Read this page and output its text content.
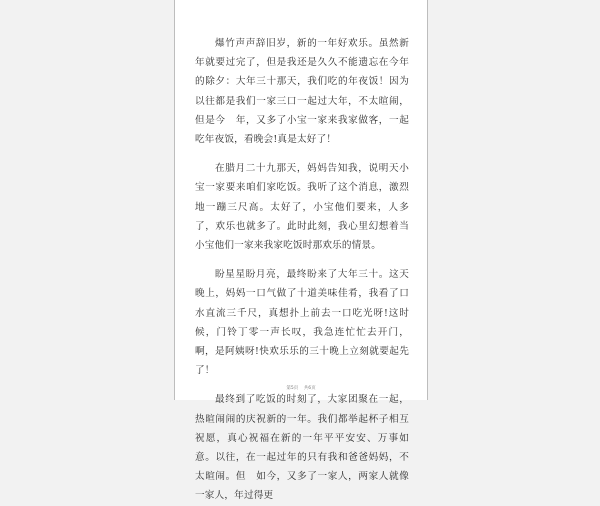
爆竹声声辞旧岁，新的一年好欢乐。虽然新年就要过完了，但是我还是久久不能遗忘在今年的除夕：大年三十那天，我们吃的年夜饭！因为以往都是我们一家三口一起过大年，不太暄闹，但是今　年，又多了小宝一家来我家做客，一起吃年夜饭，看晚会!真是太好了！

在腊月二十九那天，妈妈告知我，说明天小宝一家要来咱们家吃饭。我听了这个消息，激烈地一蹦三尺高。太好了，小宝他们要来，人多了，欢乐也就多了。此时此刻，我心里幻想着当小宝他们一家来我家吃饭时那欢乐的情景。

盼星星盼月亮，最终盼来了大年三十。这天晚上，妈妈一口气做了十道美味佳肴，我看了口水直流三千尺，真想扑上前去一口吃光呀!这时候，门铃丁零一声长叹，我急连忙忙去开门，啊，是阿姨呀!快欢乐乐的三十晚上立刻就要起先了！

最终到了吃饭的时刻了，大家团聚在一起，热暄闹闹的庆祝新的一年。我们都举起杯子相互祝愿，真心祝福在新的一年平平安安、万事如意。以往，在一起过年的只有我和爸爸妈妈，不太暄闹。但　如今，又多了一家人，两家人就像一家人，年过得更

第5页 共6页
